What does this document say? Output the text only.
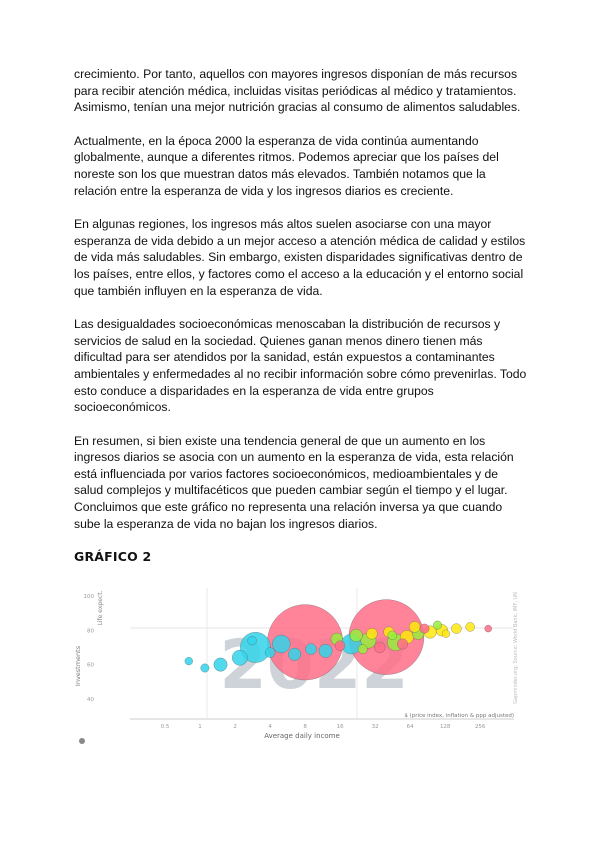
crecimiento. Por tanto, aquellos con mayores ingresos disponían de más recursos para recibir atención médica, incluidas visitas periódicas al médico y tratamientos. Asimismo, tenían una mejor nutrición gracias al consumo de alimentos saludables.

Actualmente, en la época 2000 la esperanza de vida continúa aumentando globalmente, aunque a diferentes ritmos. Podemos apreciar que los países del noreste son los que muestran datos más elevados. También notamos que la relación entre la esperanza de vida y los ingresos diarios es creciente.

En algunas regiones, los ingresos más altos suelen asociarse con una mayor esperanza de vida debido a un mejor acceso a atención médica de calidad y estilos de vida más saludables. Sin embargo, existen disparidades significativas dentro de los países, entre ellos, y factores como el acceso a la educación y el entorno social que también influyen en la esperanza de vida.

Las desigualdades socioeconómicas menoscaban la distribución de recursos y servicios de salud en la sociedad. Quienes ganan menos dinero tienen más dificultad para ser atendidos por la sanidad, están expuestos a contaminantes ambientales y enfermedades al no recibir información sobre cómo prevenirlas. Todo esto conduce a disparidades en la esperanza de vida entre grupos socioeconómicos.

En resumen, si bien existe una tendencia general de que un aumento en los ingresos diarios se asocia con un aumento en la esperanza de vida, esta relación está influenciada por varios factores socioeconómicos, medioambientales y de salud complejos y multifacéticos que pueden cambiar según el tiempo y el lugar. Concluimos que este gráfico no representa una relación inversa ya que cuando sube la esperanza de vida no bajan los ingresos diarios.

GRÁFICO 2
0.5	1	2	4	8	16	32	64	128	256
100
80
60
40
Average daily income
Investments
Life expect.
$ (price index, inflation & ppp adjusted)
Gapminder.org; Source: World Bank, IMF, UN
